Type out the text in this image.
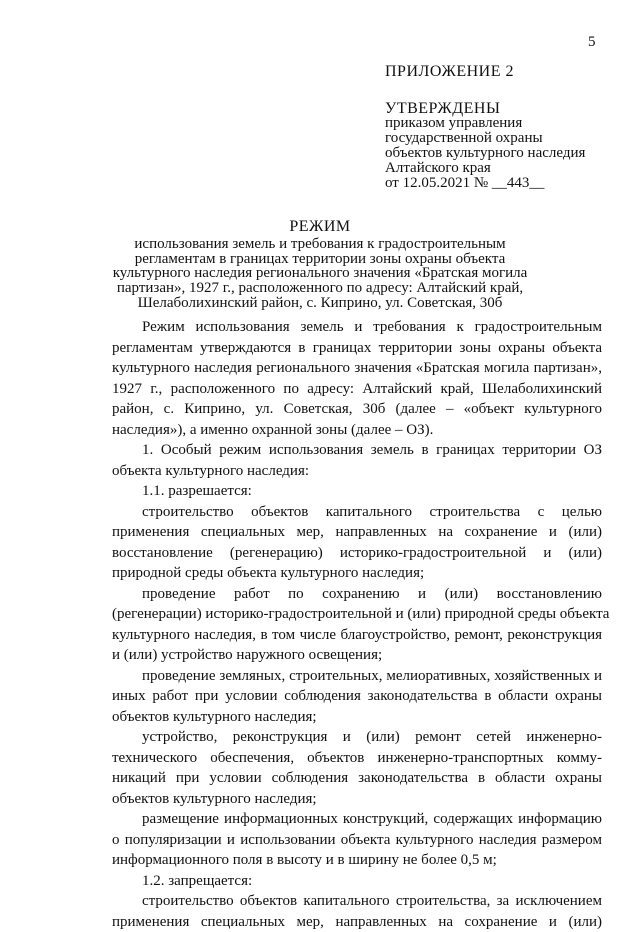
5
ПРИЛОЖЕНИЕ 2
УТВЕРЖДЕНЫ
приказом управления
государственной охраны
объектов культурного наследия
Алтайского края
от 12.05.2021 № __443__
РЕЖИМ
использования земель и требования к градостроительным
регламентам в границах территории зоны охраны объекта
культурного наследия регионального значения «Братская могила
партизан», 1927 г., расположенного по адресу: Алтайский край,
Шелаболихинский район, с. Киприно, ул. Советская, 30б
Режим использования земель и требования к градостроительным
регламентам утверждаются в границах территории зоны охраны объекта
культурного наследия регионального значения «Братская могила партизан»,
1927 г., расположенного по адресу: Алтайский край, Шелаболихинский
район, с. Киприно, ул. Советская, 30б (далее – «объект культурного
наследия»), а именно охранной зоны (далее – ОЗ).
1. Особый режим использования земель в границах территории ОЗ
объекта культурного наследия:
1.1. разрешается:
строительство объектов капитального строительства с целью
применения специальных мер, направленных на сохранение и (или)
восстановление (регенерацию) историко-градостроительной и (или)
природной среды объекта культурного наследия;
проведение работ по сохранению и (или) восстановлению
(регенерации) историко-градостроительной и (или) природной среды объекта
культурного наследия, в том числе благоустройство, ремонт, реконструкция
и (или) устройство наружного освещения;
проведение земляных, строительных, мелиоративных, хозяйственных и
иных работ при условии соблюдения законодательства в области охраны
объектов культурного наследия;
устройство, реконструкция и (или) ремонт сетей инженерно-
технического обеспечения, объектов инженерно-транспортных комму-
никаций при условии соблюдения законодательства в области охраны
объектов культурного наследия;
размещение информационных конструкций, содержащих информацию
о популяризации и использовании объекта культурного наследия размером
информационного поля в высоту и в ширину не более 0,5 м;
1.2. запрещается:
строительство объектов капитального строительства, за исключением
применения специальных мер, направленных на сохранение и (или)
